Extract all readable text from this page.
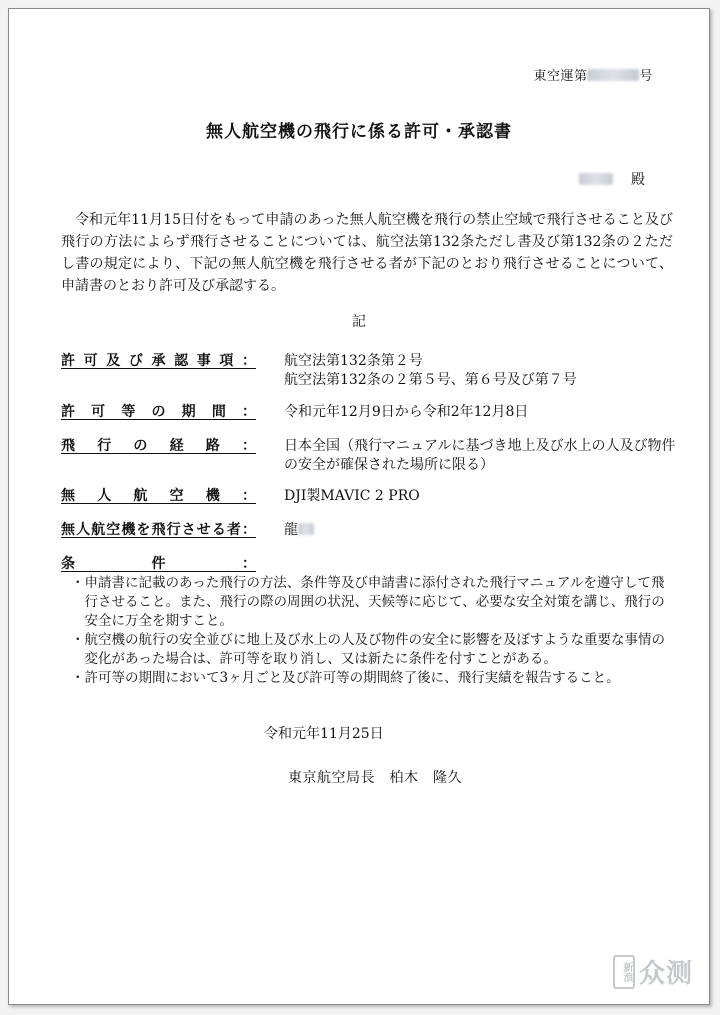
東空運第	号
無人航空機の飛行に係る許可・承認書
殿
令和元年11月15日付をもって申請のあった無人航空機を飛行の禁止空域で飛行させること及び飛行の方法によらず飛行させることについては、航空法第132条ただし書及び第132条の２ただし書の規定により、下記の無人航空機を飛行させる者が下記のとおり飛行させることについて、申請書のとおり許可及び承認する。
記
許可及び承認事項：	航空法第132条第２号
航空法第132条の２第５号、第６号及び第７号
許可等の期間：	令和元年12月9日から令和2年12月8日
飛行の経路：	日本全国（飛行マニュアルに基づき地上及び水上の人及び物件の安全が確保された場所に限る）
無人航空機：	DJI製MAVIC 2 PRO
無人航空機を飛行させる者：	龍
条件：
・申請書に記載のあった飛行の方法、条件等及び申請書に添付された飛行マニュアルを遵守して飛行させること。また、飛行の際の周囲の状況、天候等に応じて、必要な安全対策を講じ、飛行の安全に万全を期すこと。
・航空機の航行の安全並びに地上及び水上の人及び物件の安全に影響を及ぼすような重要な事情の変化があった場合は、許可等を取り消し、又は新たに条件を付すことがある。
・許可等の期間において3ヶ月ごと及び許可等の期間終了後に、飛行実績を報告すること。
令和元年11月25日
東京航空局長　柏木　隆久
新浪 众测
